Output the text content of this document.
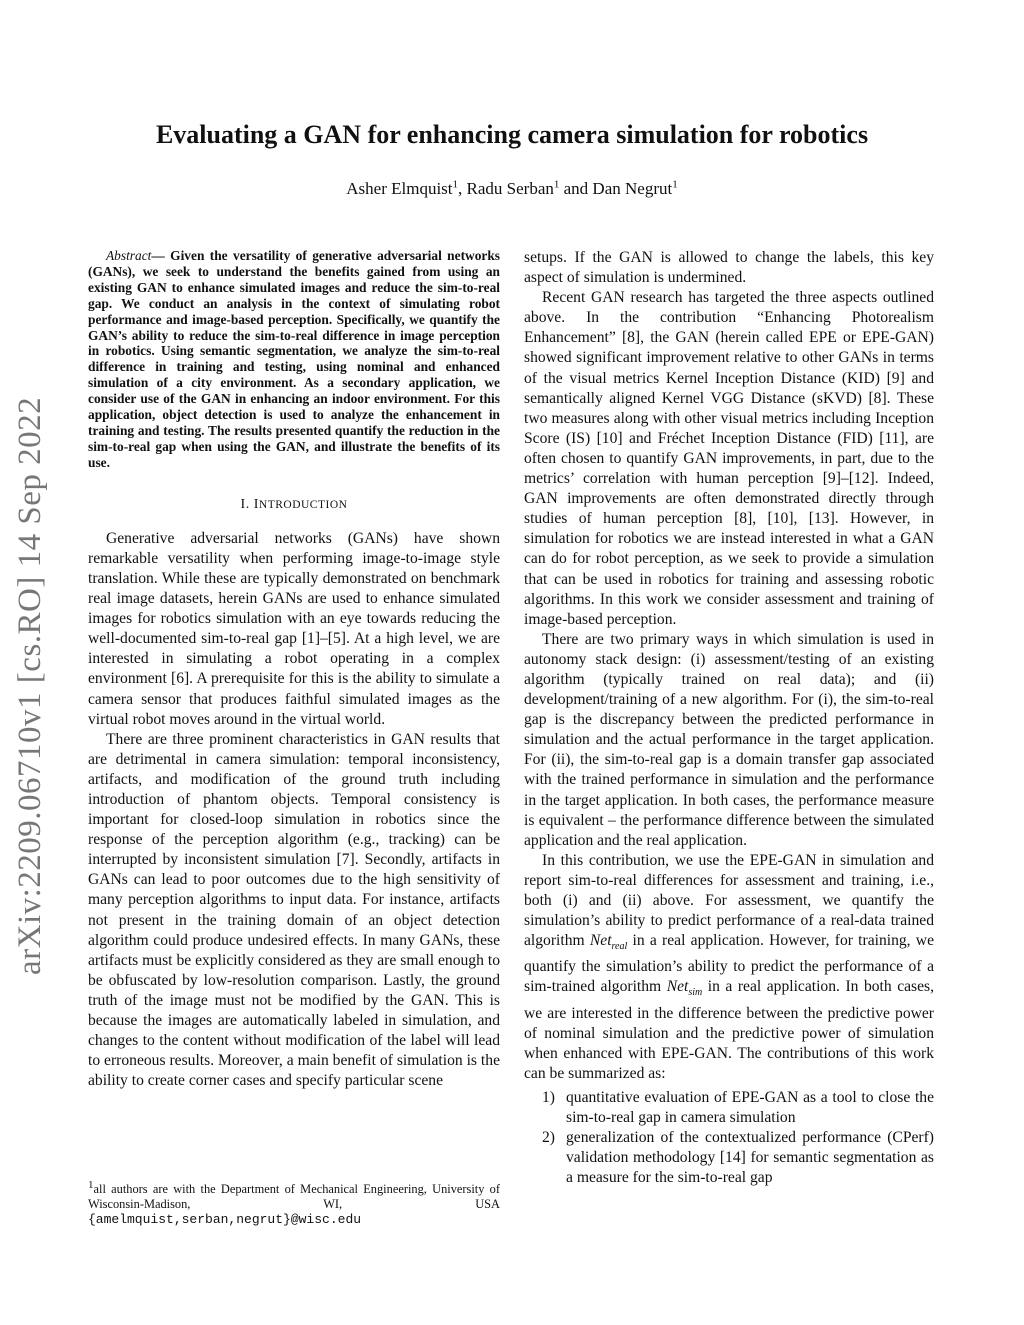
arXiv:2209.06710v1 [cs.RO] 14 Sep 2022
Evaluating a GAN for enhancing camera simulation for robotics
Asher Elmquist$^1$, Radu Serban$^1$ and Dan Negrut$^1$

Abstract— Given the versatility of generative adversarial networks (GANs), we seek to understand the benefits gained from using an existing GAN to enhance simulated images and reduce the sim-to-real gap. We conduct an analysis in the context of simulating robot performance and image-based perception. Specifically, we quantify the GAN’s ability to reduce the sim-to-real difference in image perception in robotics. Using semantic segmentation, we analyze the sim-to-real difference in training and testing, using nominal and enhanced simulation of a city environment. As a secondary application, we consider use of the GAN in enhancing an indoor environment. For this application, object detection is used to analyze the enhancement in training and testing. The results presented quantify the reduction in the sim-to-real gap when using the GAN, and illustrate the benefits of its use.

I. INTRODUCTION

Generative adversarial networks (GANs) have shown remarkable versatility when performing image-to-image style translation. While these are typically demonstrated on benchmark real image datasets, herein GANs are used to enhance simulated images for robotics simulation with an eye towards reducing the well-documented sim-to-real gap [1]–[5]. At a high level, we are interested in simulating a robot operating in a complex environment [6]. A prerequisite for this is the ability to simulate a camera sensor that produces faithful simulated images as the virtual robot moves around in the virtual world.

There are three prominent characteristics in GAN results that are detrimental in camera simulation: temporal inconsistency, artifacts, and modification of the ground truth including introduction of phantom objects. Temporal consistency is important for closed-loop simulation in robotics since the response of the perception algorithm (e.g., tracking) can be interrupted by inconsistent simulation [7]. Secondly, artifacts in GANs can lead to poor outcomes due to the high sensitivity of many perception algorithms to input data. For instance, artifacts not present in the training domain of an object detection algorithm could produce undesired effects. In many GANs, these artifacts must be explicitly considered as they are small enough to be obfuscated by low-resolution comparison. Lastly, the ground truth of the image must not be modified by the GAN. This is because the images are automatically labeled in simulation, and changes to the content without modification of the label will lead to erroneous results. Moreover, a main benefit of simulation is the ability to create corner cases and specify particular scene

$^1$all authors are with the Department of Mechanical Engineering, University of Wisconsin-Madison, WI, USA {amelmquist,serban,negrut}@wisc.edu

setups. If the GAN is allowed to change the labels, this key aspect of simulation is undermined.

Recent GAN research has targeted the three aspects outlined above. In the contribution “Enhancing Photorealism Enhancement” [8], the GAN (herein called EPE or EPE-GAN) showed significant improvement relative to other GANs in terms of the visual metrics Kernel Inception Distance (KID) [9] and semantically aligned Kernel VGG Distance (sKVD) [8]. These two measures along with other visual metrics including Inception Score (IS) [10] and Fréchet Inception Distance (FID) [11], are often chosen to quantify GAN improvements, in part, due to the metrics’ correlation with human perception [9]–[12]. Indeed, GAN improvements are often demonstrated directly through studies of human perception [8], [10], [13]. However, in simulation for robotics we are instead interested in what a GAN can do for robot perception, as we seek to provide a simulation that can be used in robotics for training and assessing robotic algorithms. In this work we consider assessment and training of image-based perception.

There are two primary ways in which simulation is used in autonomy stack design: (i) assessment/testing of an existing algorithm (typically trained on real data); and (ii) development/training of a new algorithm. For (i), the sim-to-real gap is the discrepancy between the predicted performance in simulation and the actual performance in the target application. For (ii), the sim-to-real gap is a domain transfer gap associated with the trained performance in simulation and the performance in the target application. In both cases, the performance measure is equivalent – the performance difference between the simulated application and the real application.

In this contribution, we use the EPE-GAN in simulation and report sim-to-real differences for assessment and training, i.e., both (i) and (ii) above. For assessment, we quantify the simulation’s ability to predict performance of a real-data trained algorithm Net$_{real}$ in a real application. However, for training, we quantify the simulation’s ability to predict the performance of a sim-trained algorithm Net$_{sim}$ in a real application. In both cases, we are interested in the difference between the predictive power of nominal simulation and the predictive power of simulation when enhanced with EPE-GAN. The contributions of this work can be summarized as:

1) quantitative evaluation of EPE-GAN as a tool to close the sim-to-real gap in camera simulation
2) generalization of the contextualized performance (CPerf) validation methodology [14] for semantic segmentation as a measure for the sim-to-real gap
